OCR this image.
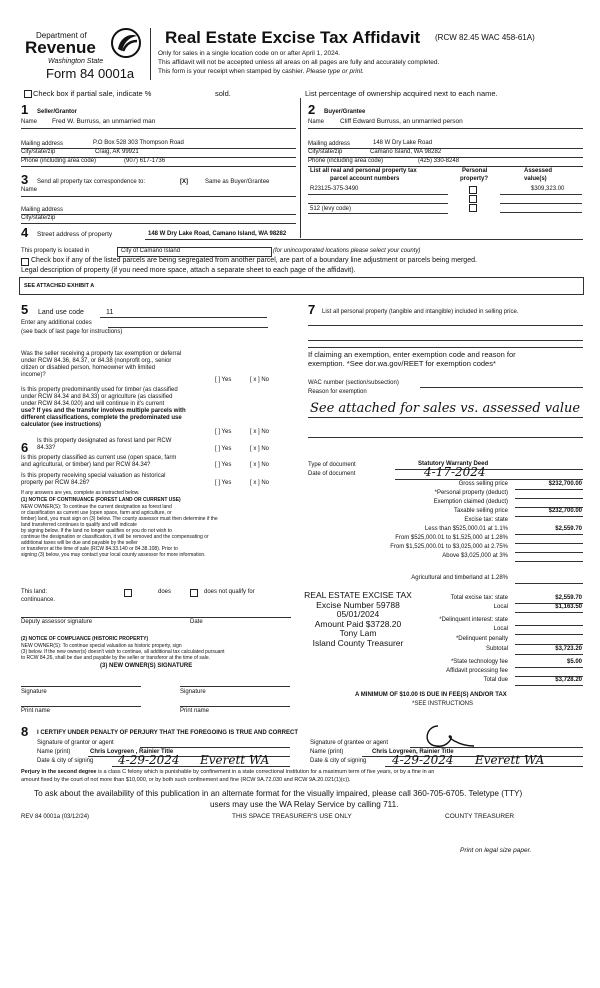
Department of
Revenue
Washington State
Form 84 0001a
Real Estate Excise Tax Affidavit (RCW 82.45 WAC 458-61A)
Only for sales in a single location code on or after April 1, 2024.
This affidavit will not be accepted unless all areas on all pages are fully and accurately completed.
This form is your receipt when stamped by cashier. Please type or print.
Check box if partial sale, indicate %	sold.	List percentage of ownership acquired next to each name.
1 Seller/Grantor
Name Fred W. Burruss, an unmarried man
Mailing address	P.O Box 528 303 Thompson Road
City/state/zip	Craig, AK 99921
Phone (including area code)	(907) 617-1736
2 Buyer/Grantee
Name Cliff Edward Burruss, an unmarried person
Mailing address	148 W Dry Lake Road
City/state/zip	Camano Island, WA 98282
Phone (including area code)	(425) 330-8248
3 Send all property tax correspondence to:	[X]	Same as Buyer/Grantee
Name
Mailing address
City/state/zip
List all real and personal property tax
parcel account numbers
Personal
property?
Assessed
value(s)
R23125-375-3490	$309,323.00
512 (levy code)
4 Street address of property	148 W Dry Lake Road, Camano Island, WA 98282
This property is located in	City of Camano Island	(for unincorporated locations please select your county)
Check box if any of the listed parcels are being segregated from another parcel, are part of a boundary line adjustment or parcels being merged.
Legal description of property (if you need more space, attach a separate sheet to each page of the affidavit).
SEE ATTACHED EXHIBIT A
5 Land use code	11
Enter any additional codes
(see back of last page for instructions)
7 List all personal property (tangible and intangible) included in selling price.
Was the seller receiving a property tax exemption or deferral
under RCW 84.36, 84.37, or 84.38 (nonprofit org., senior
citizen or disabled person, homeowner with limited
income)?
[ ] Yes	[ x ] No
Is this property predominantly used for timber (as classified
under RCW 84.34 and 84.33) or agriculture (as classified
under RCW 84.34.020) and will continue in it's current
use? If yes and the transfer involves multiple parcels with
different classifications, complete the predominated use
calculator (see instructions)
[ ] Yes	[ x ] No
6 Is this property designated as forest land per RCW
84.33?	[ ] Yes	[ x ] No
Is this property classified as current use (open space, farm
and agricultural, or timber) land per RCW 84.34?	[ ] Yes	[ x ] No
Is this property receiving special valuation as historical
property per RCW 84.26?	[ ] Yes	[ x ] No
If any answers are yes, complete as instructed below.
(1) NOTICE OF CONTINUANCE (FOREST LAND OR CURRENT USE)
NEW OWNER(S): To continue the current designation as forest land
or classification as current use (open space, farm and agriculture, or
timber) land, you must sign on (3) below. The county assessor must then determine if the
land transferred continues to qualify and will indicate
by signing below. If the land no longer qualifies or you do not wish to
continue the designation or classification, it will be removed and the compensating or
additional taxes will be due and payable by the seller
or transferor at the time of sale (RCW 84.33.140 or 84.38.108). Prior to
signing (3) below, you may contact your local county assessor for more information.
This land:	does	does not qualify for
continuance.
Deputy assessor signature	Date
(2) NOTICE OF COMPLIANCE (HISTORIC PROPERTY)
NEW OWNER(S): To continue special valuation as historic property, sign
(3) below. If the new owner(s) doesn't wish to continue, all additional tax calculated pursuant
to RCW 84.26, shall be due and payable by the seller or transferor at the time of sale.
(3) NEW OWNER(S) SIGNATURE
Signature	Signature
Print name	Print name
If claiming an exemption, enter exemption code and reason for
exemption. *See dor.wa.gov/REET for exemption codes*
WAC number (section/subsection)
Reason for exemption
See attached for sales vs. assessed value
Type of document	Statutory Warranty Deed
Date of document	4-17-2024
Gross selling price	$232,700.00
*Personal property (deduct)
Exemption claimed (deduct)
Taxable selling price	$232,700.00
Excise tax: state
Less than $525,000.01 at 1.1%	$2,559.70
From $525,000.01 to $1,525,000 at 1.28%
From $1,525,000.01 to $3,025,000 at 2.75%
Above $3,025,000 at 3%
Agricultural and timberland at 1.28%
Total excise tax: state	$2,559.70
Local	$1,163.50
*Delinquent interest: state
Local
*Delinquent penalty
Subtotal	$3,723.20
*State technology fee	$5.00
Affidavit processing fee
Total due	$3,728.20
A MINIMUM OF $10.00 IS DUE IN FEE(S) AND/OR TAX
*SEE INSTRUCTIONS
REAL ESTATE EXCISE TAX
Excise Number 59788
05/01/2024
Amount Paid $3728.20
Tony Lam
Island County Treasurer
8 I CERTIFY UNDER PENALTY OF PERJURY THAT THE FOREGOING IS TRUE AND CORRECT
Signature of grantor or agent
Name (print)	Chris Lovgreen , Rainier Title
Date & city of signing 4-29-2024 Everett WA
Signature of grantee or agent
Name (print)	Chris Lovgreen, Rainier Title
Date & city of signing 4-29-2024 Everett WA
Perjury in the second degree is a class C felony which is punishable by confinement in a state correctional institution for a maximum term of five years, or by a fine in an
amount fixed by the court of not more than $10,000, or by both such confinement and fine (RCW 9A.72.030 and RCW 9A.20.021(1)(c)).
To ask about the availability of this publication in an alternate format for the visually impaired, please call 360-705-6705. Teletype (TTY)
users may use the WA Relay Service by calling 711.
REV 84 0001a (03/12/24)	THIS SPACE TREASURER'S USE ONLY	COUNTY TREASURER
Print on legal size paper.
